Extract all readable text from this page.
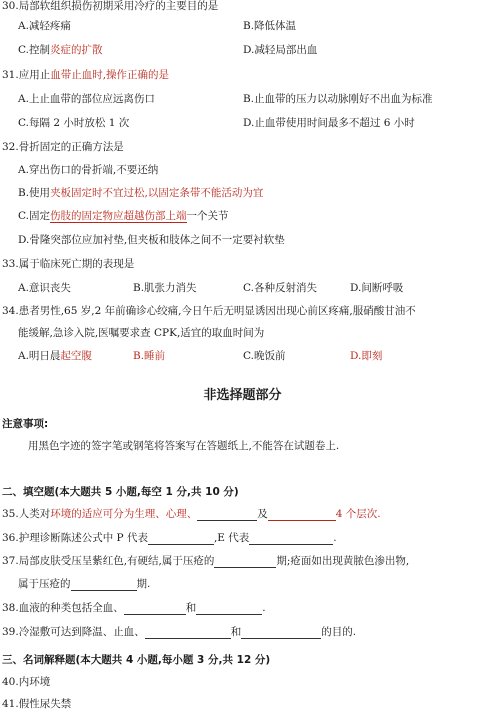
30.局部软组织损伤初期采用冷疗的主要目的是
A.减轻疼痛	B.降低体温
C.控制炎症的扩散	D.减轻局部出血
31.应用止血带止血时,操作正确的是
A.上止血带的部位应远离伤口	B.止血带的压力以动脉刚好不出血为标准
C.每隔 2 小时放松 1 次	D.止血带使用时间最多不超过 6 小时
32.骨折固定的正确方法是
A.穿出伤口的骨折端,不要还纳
B.使用夹板固定时不宜过松,以固定条带不能活动为宜
C.固定伤肢的固定物应超越伤部上端一个关节
D.骨隆突部位应加衬垫,但夹板和肢体之间不一定要衬软垫
33.属于临床死亡期的表现是
A.意识丧失	B.肌张力消失	C.各种反射消失	D.间断呼吸
34.患者男性,65 岁,2 年前确诊心绞痛,今日午后无明显诱因出现心前区疼痛,服硝酸甘油不
能缓解,急诊入院,医嘱要求查 CPK,适宜的取血时间为
A.明日晨起空腹	B.睡前	C.晚饭前	D.即刻
非选择题部分
注意事项:
用黑色字迹的签字笔或钢笔将答案写在答题纸上,不能答在试题卷上.
二、填空题(本大题共 5 小题,每空 1 分,共 10 分)
35.人类对环境的适应可分为生理、心理、	及	4 个层次.
36.护理诊断陈述公式中 P 代表	,E 代表	.
37.局部皮肤受压呈紫红色,有硬结,属于压疮的	期;疮面如出现黄脓色渗出物,
属于压疮的	期.
38.血液的种类包括全血、	和	.
39.冷湿敷可达到降温、止血、	和	的目的.
三、名词解释题(本大题共 4 小题,每小题 3 分,共 12 分)
40.内环境
41.假性尿失禁
